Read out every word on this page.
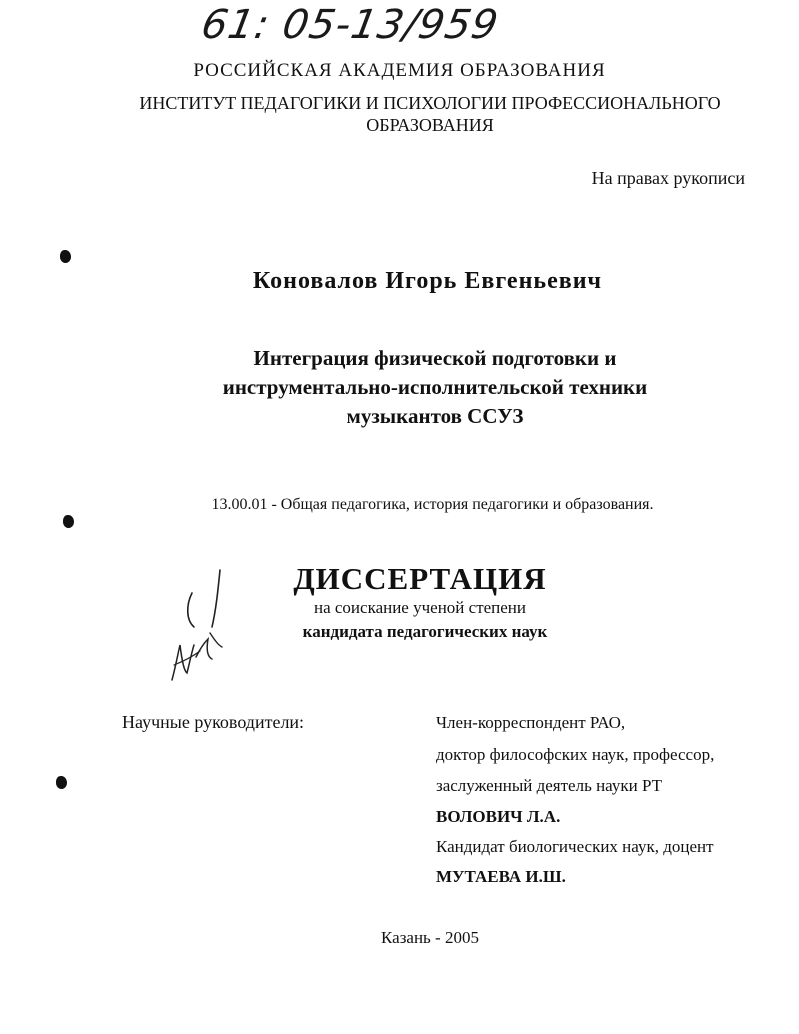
61: 05-13/959
РОССИЙСКАЯ АКАДЕМИЯ ОБРАЗОВАНИЯ
ИНСТИТУТ ПЕДАГОГИКИ И ПСИХОЛОГИИ ПРОФЕССИОНАЛЬНОГО
ОБРАЗОВАНИЯ
На правах рукописи
Коновалов Игорь Евгеньевич
Интеграция физической подготовки и
инструментально-исполнительской техники
музыкантов ССУЗ
13.00.01 - Общая педагогика, история педагогики и образования.
ДИССЕРТАЦИЯ
на соискание ученой степени
кандидата педагогических наук
Научные руководители:	Член-корреспондент РАО,
доктор философских наук, профессор,
заслуженный деятель науки РТ
ВОЛОВИЧ Л.А.
Кандидат биологических наук, доцент
МУТАЕВА И.Ш.
Казань - 2005
